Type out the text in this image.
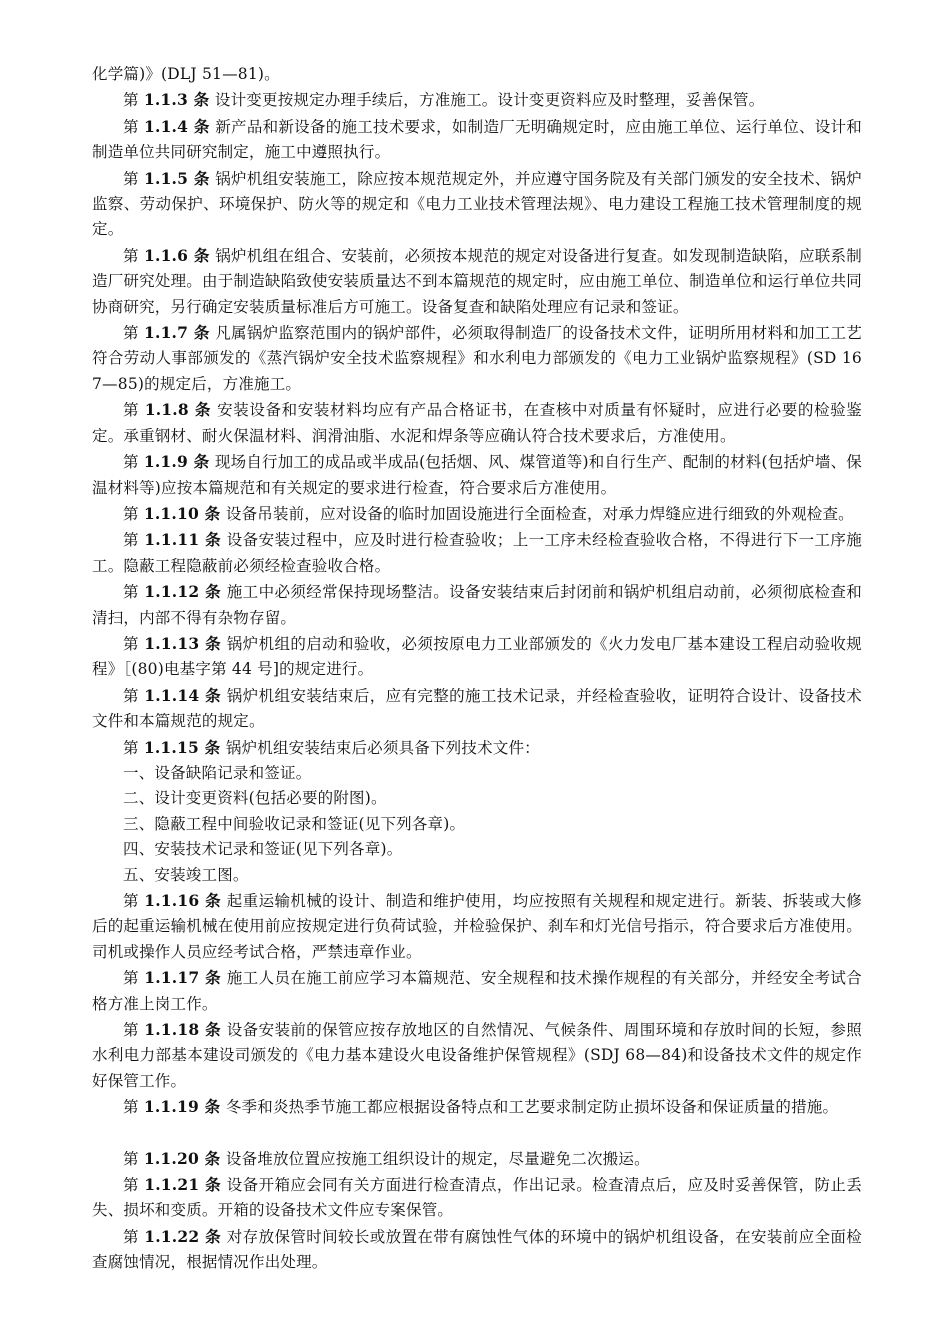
化学篇)》(DLJ 51—81)。

第 1.1.3 条 设计变更按规定办理手续后，方准施工。设计变更资料应及时整理，妥善保管。

第 1.1.4 条 新产品和新设备的施工技术要求，如制造厂无明确规定时，应由施工单位、运行单位、设计和制造单位共同研究制定，施工中遵照执行。

第 1.1.5 条 锅炉机组安装施工，除应按本规范规定外，并应遵守国务院及有关部门颁发的安全技术、锅炉监察、劳动保护、环境保护、防火等的规定和《电力工业技术管理法规》、电力建设工程施工技术管理制度的规定。

第 1.1.6 条 锅炉机组在组合、安装前，必须按本规范的规定对设备进行复查。如发现制造缺陷，应联系制造厂研究处理。由于制造缺陷致使安装质量达不到本篇规范的规定时，应由施工单位、制造单位和运行单位共同协商研究，另行确定安装质量标准后方可施工。设备复查和缺陷处理应有记录和签证。

第 1.1.7 条 凡属锅炉监察范围内的锅炉部件，必须取得制造厂的设备技术文件，证明所用材料和加工工艺符合劳动人事部颁发的《蒸汽锅炉安全技术监察规程》和水利电力部颁发的《电力工业锅炉监察规程》(SD 167—85)的规定后，方准施工。

第 1.1.8 条 安装设备和安装材料均应有产品合格证书，在查核中对质量有怀疑时，应进行必要的检验鉴定。承重钢材、耐火保温材料、润滑油脂、水泥和焊条等应确认符合技术要求后，方准使用。

第 1.1.9 条 现场自行加工的成品或半成品(包括烟、风、煤管道等)和自行生产、配制的材料(包括炉墙、保温材料等)应按本篇规范和有关规定的要求进行检查，符合要求后方准使用。

第 1.1.10 条 设备吊装前，应对设备的临时加固设施进行全面检查，对承力焊缝应进行细致的外观检查。

第 1.1.11 条 设备安装过程中，应及时进行检查验收；上一工序未经检查验收合格，不得进行下一工序施工。隐蔽工程隐蔽前必须经检查验收合格。

第 1.1.12 条 施工中必须经常保持现场整洁。设备安装结束后封闭前和锅炉机组启动前，必须彻底检查和清扫，内部不得有杂物存留。

第 1.1.13 条 锅炉机组的启动和验收，必须按原电力工业部颁发的《火力发电厂基本建设工程启动验收规程》［(80)电基字第 44 号]的规定进行。

第 1.1.14 条 锅炉机组安装结束后，应有完整的施工技术记录，并经检查验收，证明符合设计、设备技术文件和本篇规范的规定。

第 1.1.15 条 锅炉机组安装结束后必须具备下列技术文件：

一、设备缺陷记录和签证。

二、设计变更资料(包括必要的附图)。

三、隐蔽工程中间验收记录和签证(见下列各章)。

四、安装技术记录和签证(见下列各章)。

五、安装竣工图。

第 1.1.16 条 起重运输机械的设计、制造和维护使用，均应按照有关规程和规定进行。新装、拆装或大修后的起重运输机械在使用前应按规定进行负荷试验，并检验保护、刹车和灯光信号指示，符合要求后方准使用。司机或操作人员应经考试合格，严禁违章作业。

第 1.1.17 条 施工人员在施工前应学习本篇规范、安全规程和技术操作规程的有关部分，并经安全考试合格方准上岗工作。

第 1.1.18 条 设备安装前的保管应按存放地区的自然情况、气候条件、周围环境和存放时间的长短，参照水利电力部基本建设司颁发的《电力基本建设火电设备维护保管规程》(SDJ 68—84)和设备技术文件的规定作好保管工作。

第 1.1.19 条 冬季和炎热季节施工都应根据设备特点和工艺要求制定防止损坏设备和保证质量的措施。

第 1.1.20 条 设备堆放位置应按施工组织设计的规定，尽量避免二次搬运。

第 1.1.21 条 设备开箱应会同有关方面进行检查清点，作出记录。检查清点后，应及时妥善保管，防止丢失、损坏和变质。开箱的设备技术文件应专案保管。

第 1.1.22 条 对存放保管时间较长或放置在带有腐蚀性气体的环境中的锅炉机组设备，在安装前应全面检查腐蚀情况，根据情况作出处理。
